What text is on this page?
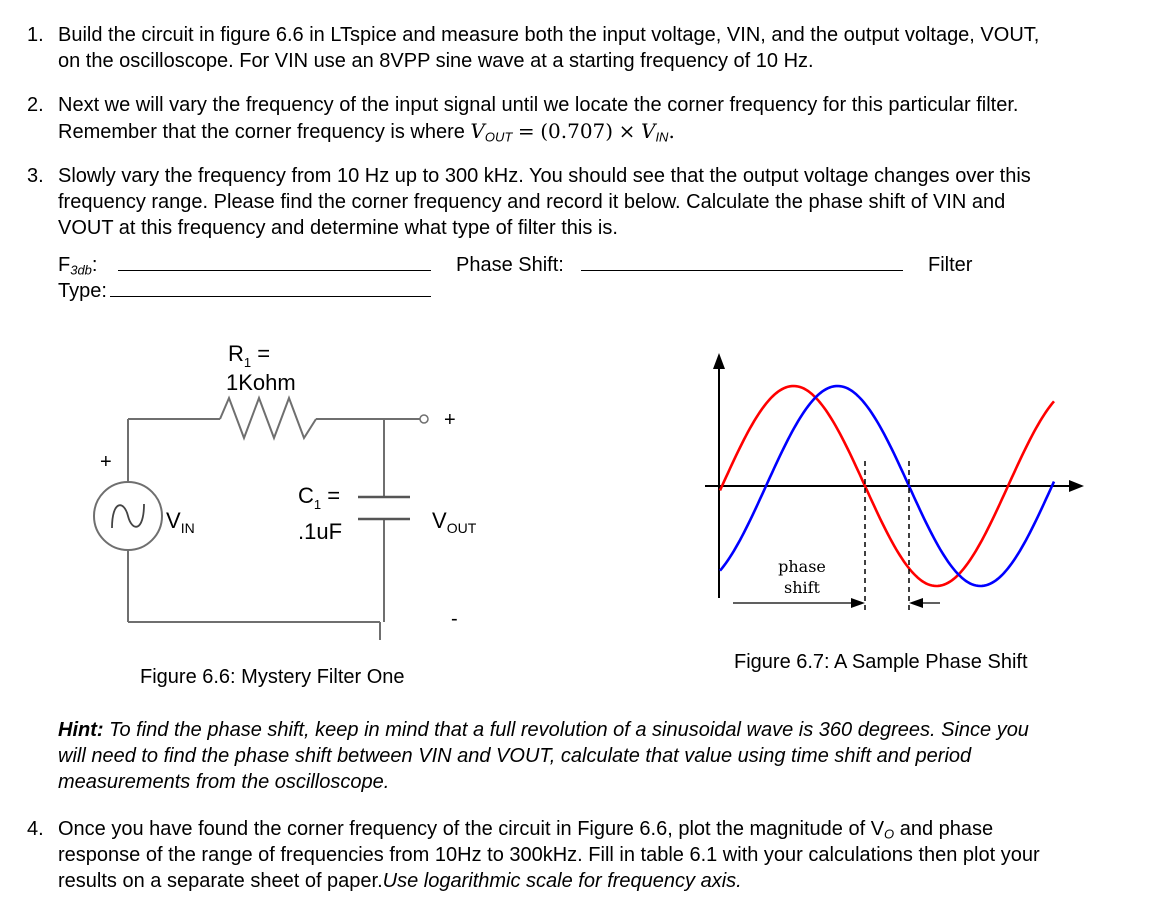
1. Build the circuit in figure 6.6 in LTspice and measure both the input voltage, VIN, and the output voltage, VOUT,
on the oscilloscope. For VIN use an 8VPP sine wave at a starting frequency of 10 Hz.
2. Next we will vary the frequency of the input signal until we locate the corner frequency for this particular filter.
Remember that the corner frequency is where $V_{OUT} = (0.707) \times V_{IN}$.
3. Slowly vary the frequency from 10 Hz up to 300 kHz. You should see that the output voltage changes over this
frequency range. Please find the corner frequency and record it below. Calculate the phase shift of VIN and
VOUT at this frequency and determine what type of filter this is.
$F_{3db}$:	Phase Shift:	Filter
Type:
$R_1$ =
1Kohm
$C_1$ =
.1uF
$V_{IN}$	$V_{OUT}$
+
-
+
Figure 6.6: Mystery Filter One
phase
shift
Figure 6.7: A Sample Phase Shift
Hint: To find the phase shift, keep in mind that a full revolution of a sinusoidal wave is 360 degrees. Since you
will need to find the phase shift between VIN and VOUT, calculate that value using time shift and period
measurements from the oscilloscope.
4. Once you have found the corner frequency of the circuit in Figure 6.6, plot the magnitude of $V_O$ and phase
response of the range of frequencies from 10Hz to 300kHz. Fill in table 6.1 with your calculations then plot your
results on a separate sheet of paper.Use logarithmic scale for frequency axis.
